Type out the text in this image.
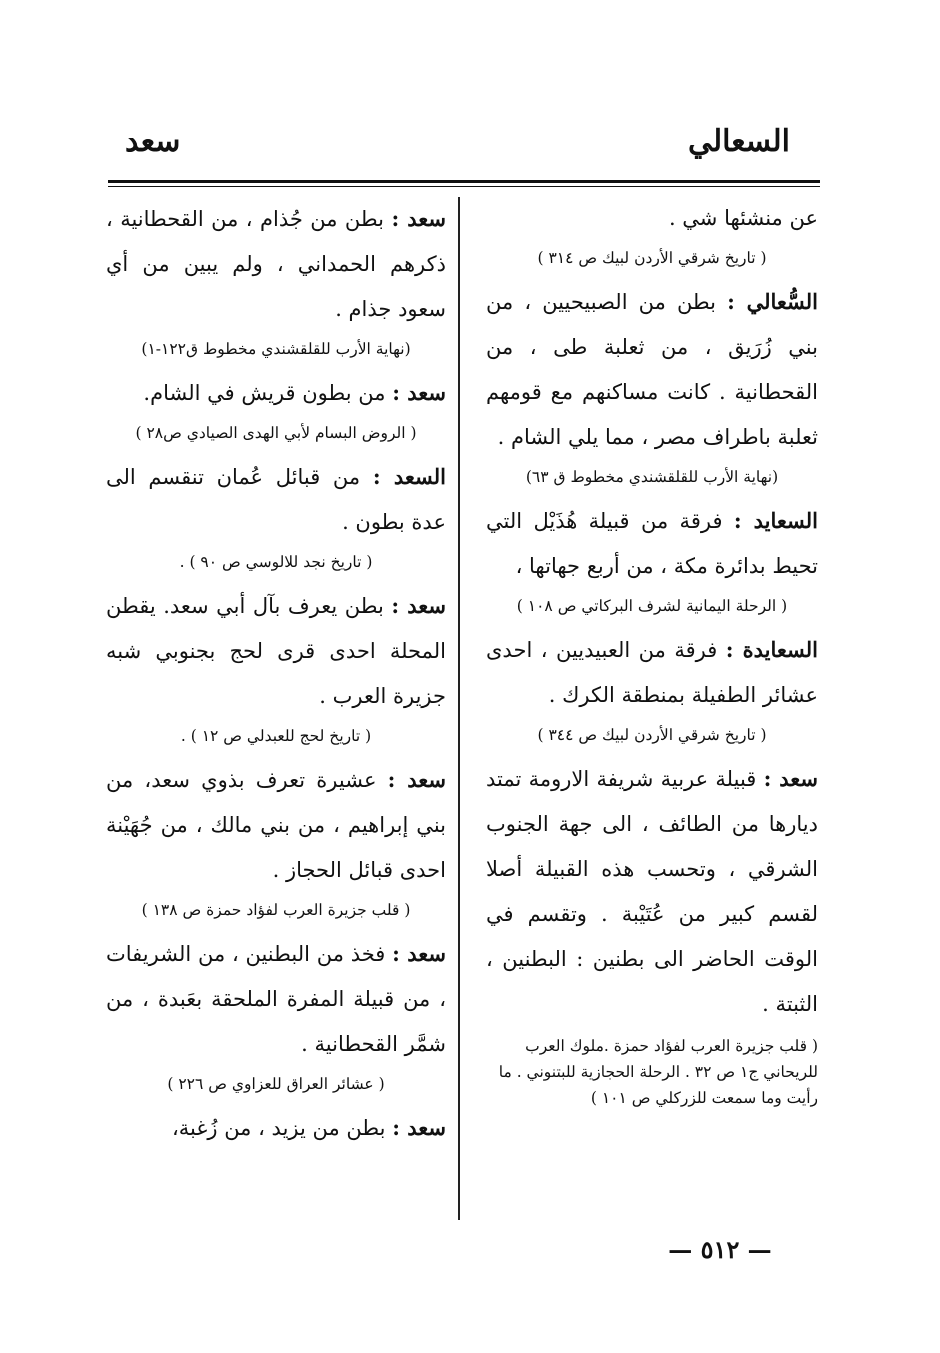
السعالي
سعد

عن منشئها شي .

( تاريخ شرقي الأردن لبيك ص ٣١٤ )

السُّعالي : بطن من الصبيحيين ، من بني زُرَيق ، من ثعلبة طى ، من القحطانية . كانت مساكنهم مع قومهم ثعلبة باطراف مصر ، مما يلي الشام .

(نهاية الأرب للقلقشندي مخطوط ق ٦٣)

السعايد : فرقة من قبيلة هُذَيْل التي تحيط بدائرة مكة ، من أربع جهاتها ،

( الرحلة اليمانية لشرف البركاتي ص ١٠٨ )

السعايدة : فرقة من العبيديين ، احدى عشائر الطفيلة بمنطقة الكرك .

( تاريخ شرقي الأردن لبيك ص ٣٤٤ )

سعد : قبيلة عربية شريفة الارومة تمتد ديارها من الطائف ، الى جهة الجنوب الشرقي ، وتحسب هذه القبيلة أصلا لقسم كبير من عُتَيْبة . وتقسم في الوقت الحاضر الى بطنين : البطنين ، الثبتة .

( قلب جزيرة العرب لفؤاد حمزة .ملوك العرب للريحاني ج١ ص ٣٢ . الرحلة الحجازية للبتنوني . ما رأيت وما سمعت للزركلي ص ١٠١ )

سعد : بطن من جُذام ، من القحطانية ، ذكرهم الحمداني ، ولم يبين من أي سعود جذام .

(نهاية الأرب للقلقشندي مخطوط ق١٢٢-١)

سعد : من بطون قريش في الشام.

( الروض البسام لأبي الهدى الصيادي ص٢٨ )

السعد : من قبائل عُمان تنقسم الى عدة بطون .

( تاريخ نجد للالوسي ص ٩٠ ) .

سعد : بطن يعرف بآل أبي سعد. يقطن المحلة احدى قرى لحج بجنوبي شبه جزيرة العرب .

( تاريخ لحج للعبدلي ص ١٢ ) .

سعد : عشيرة تعرف بذوي سعد، من بني إبراهيم ، من بني مالك ، من جُهَيْنة احدى قبائل الحجاز .

( قلب جزيرة العرب لفؤاد حمزة ص ١٣٨ )

سعد : فخذ من البطنين ، من الشريفات ، من قبيلة المفرة الملحقة بعَبدة ، من شمَّر القحطانية .

( عشائر العراق للعزاوي ص ٢٢٦ )

سعد : بطن من يزيد ، من زُغبة،

— ٥١٢ —
